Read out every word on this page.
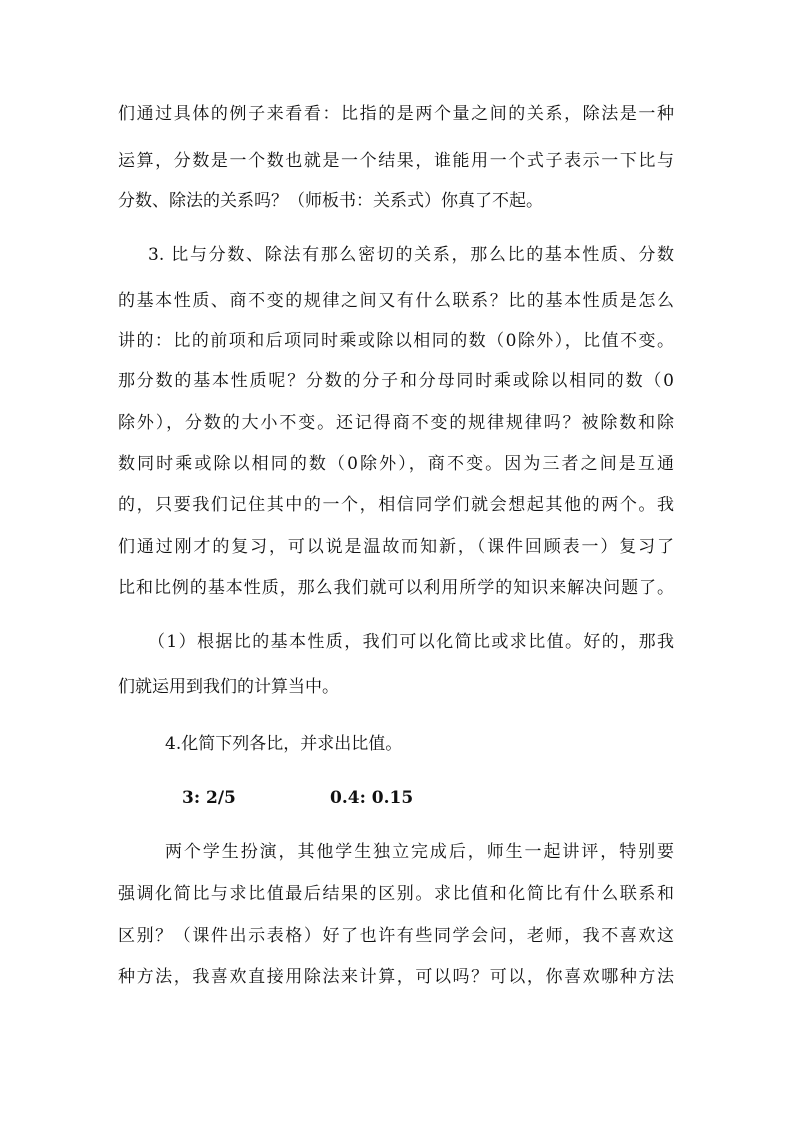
们通过具体的例子来看看：比指的是两个量之间的关系，除法是一种

运算，分数是一个数也就是一个结果，谁能用一个式子表示一下比与

分数、除法的关系吗？（师板书：关系式）你真了不起。

3. 比与分数、除法有那么密切的关系，那么比的基本性质、分数

的基本性质、商不变的规律之间又有什么联系？比的基本性质是怎么

讲的：比的前项和后项同时乘或除以相同的数（0除外），比值不变。

那分数的基本性质呢？分数的分子和分母同时乘或除以相同的数（0

除外），分数的大小不变。还记得商不变的规律规律吗？被除数和除

数同时乘或除以相同的数（0除外），商不变。因为三者之间是互通

的，只要我们记住其中的一个，相信同学们就会想起其他的两个。我

们通过刚才的复习，可以说是温故而知新，（课件回顾表一）复习了

比和比例的基本性质，那么我们就可以利用所学的知识来解决问题了。

（1）根据比的基本性质，我们可以化简比或求比值。好的，那我

们就运用到我们的计算当中。

4.化简下列各比，并求出比值。

3: 2/5	0.4: 0.15

两个学生扮演，其他学生独立完成后，师生一起讲评，特别要

强调化简比与求比值最后结果的区别。求比值和化简比有什么联系和

区别？（课件出示表格）好了也许有些同学会问，老师，我不喜欢这

种方法，我喜欢直接用除法来计算，可以吗？可以，你喜欢哪种方法
